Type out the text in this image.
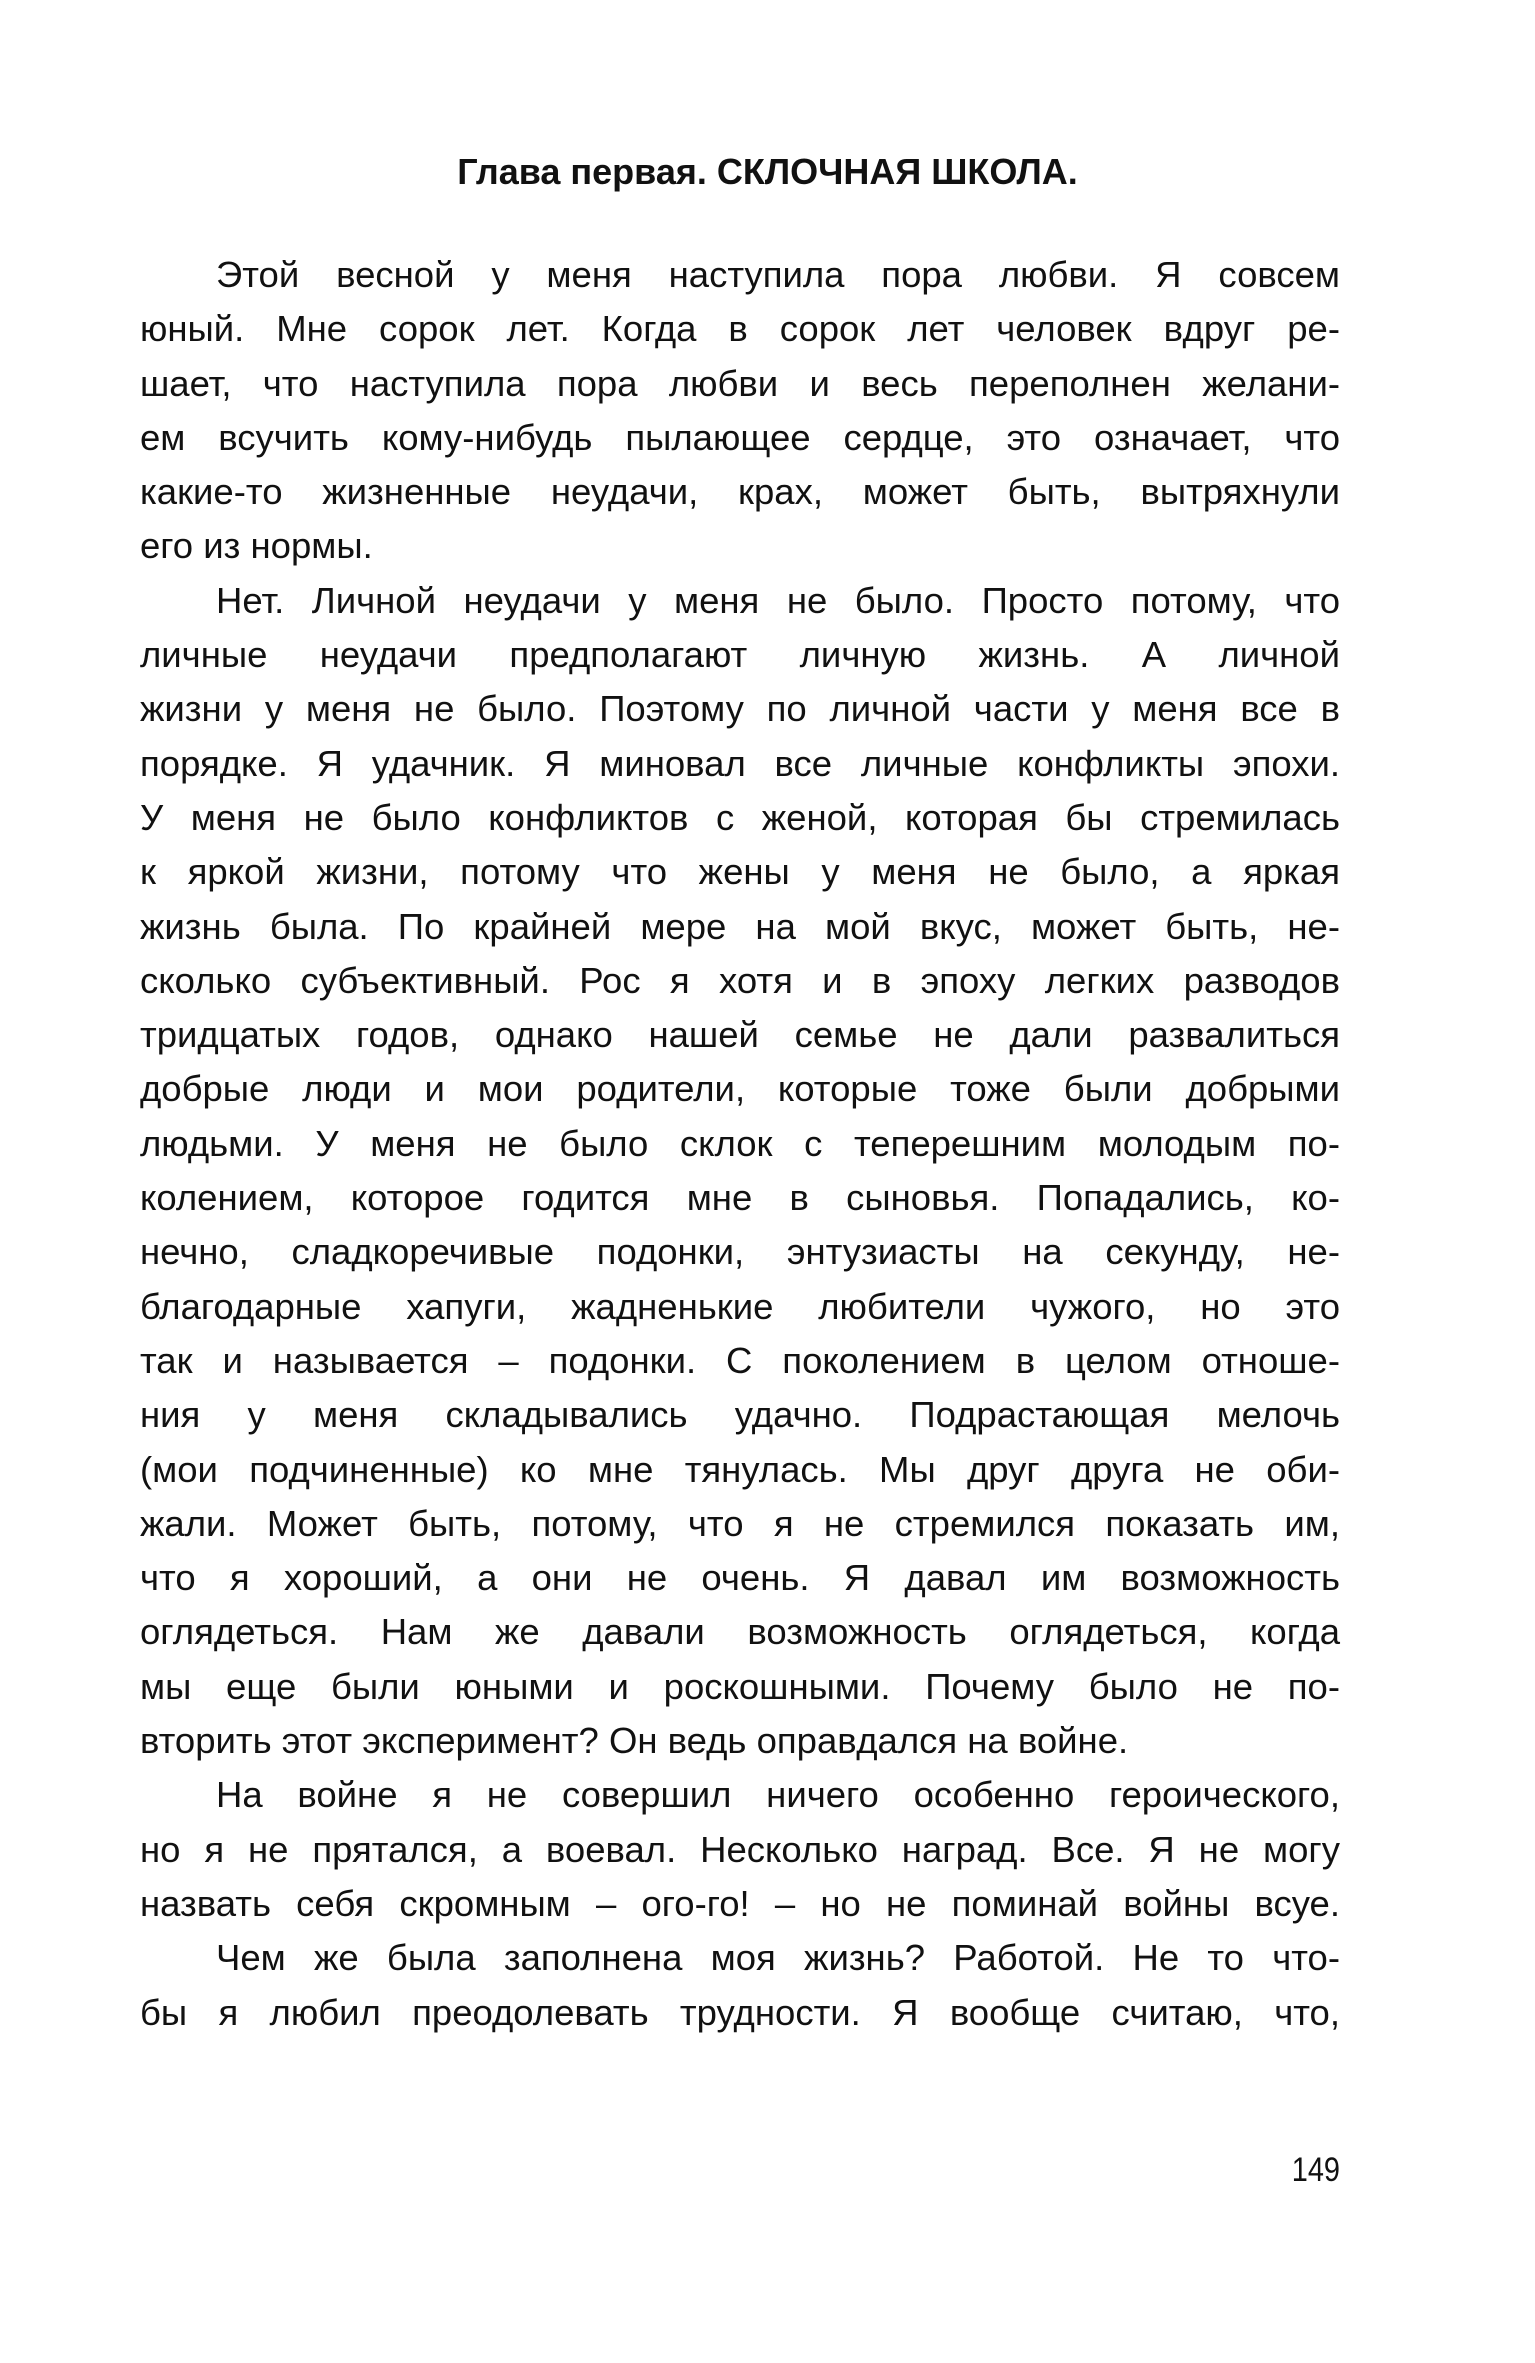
Глава первая. СКЛОЧНАЯ ШКОЛА.
Этой весной у меня наступила пора любви. Я совсем
юный. Мне сорок лет. Когда в сорок лет человек вдруг ре-
шает, что наступила пора любви и весь переполнен желани-
ем всучить кому-нибудь пылающее сердце, это означает, что
какие-то жизненные неудачи, крах, может быть, вытряхнули
его из нормы.
Нет. Личной неудачи у меня не было. Просто потому, что
личные неудачи предполагают личную жизнь. А личной
жизни у меня не было. Поэтому по личной части у меня все в
порядке. Я удачник. Я миновал все личные конфликты эпохи.
У меня не было конфликтов с женой, которая бы стремилась
к яркой жизни, потому что жены у меня не было, а яркая
жизнь была. По крайней мере на мой вкус, может быть, не-
сколько субъективный. Рос я хотя и в эпоху легких разводов
тридцатых годов, однако нашей семье не дали развалиться
добрые люди и мои родители, которые тоже были добрыми
людьми. У меня не было склок с теперешним молодым по-
колением, которое годится мне в сыновья. Попадались, ко-
нечно, сладкоречивые подонки, энтузиасты на секунду, не-
благодарные хапуги, жадненькие любители чужого, но это
так и называется – подонки. С поколением в целом отноше-
ния у меня складывались удачно. Подрастающая мелочь
(мои подчиненные) ко мне тянулась. Мы друг друга не оби-
жали. Может быть, потому, что я не стремился показать им,
что я хороший, а они не очень. Я давал им возможность
оглядеться. Нам же давали возможность оглядеться, когда
мы еще были юными и роскошными. Почему было не по-
вторить этот эксперимент? Он ведь оправдался на войне.
На войне я не совершил ничего особенно героического,
но я не прятался, а воевал. Несколько наград. Все. Я не могу
назвать себя скромным – ого-го! – но не поминай войны всуе.
Чем же была заполнена моя жизнь? Работой. Не то что-
бы я любил преодолевать трудности. Я вообще считаю, что,
149
